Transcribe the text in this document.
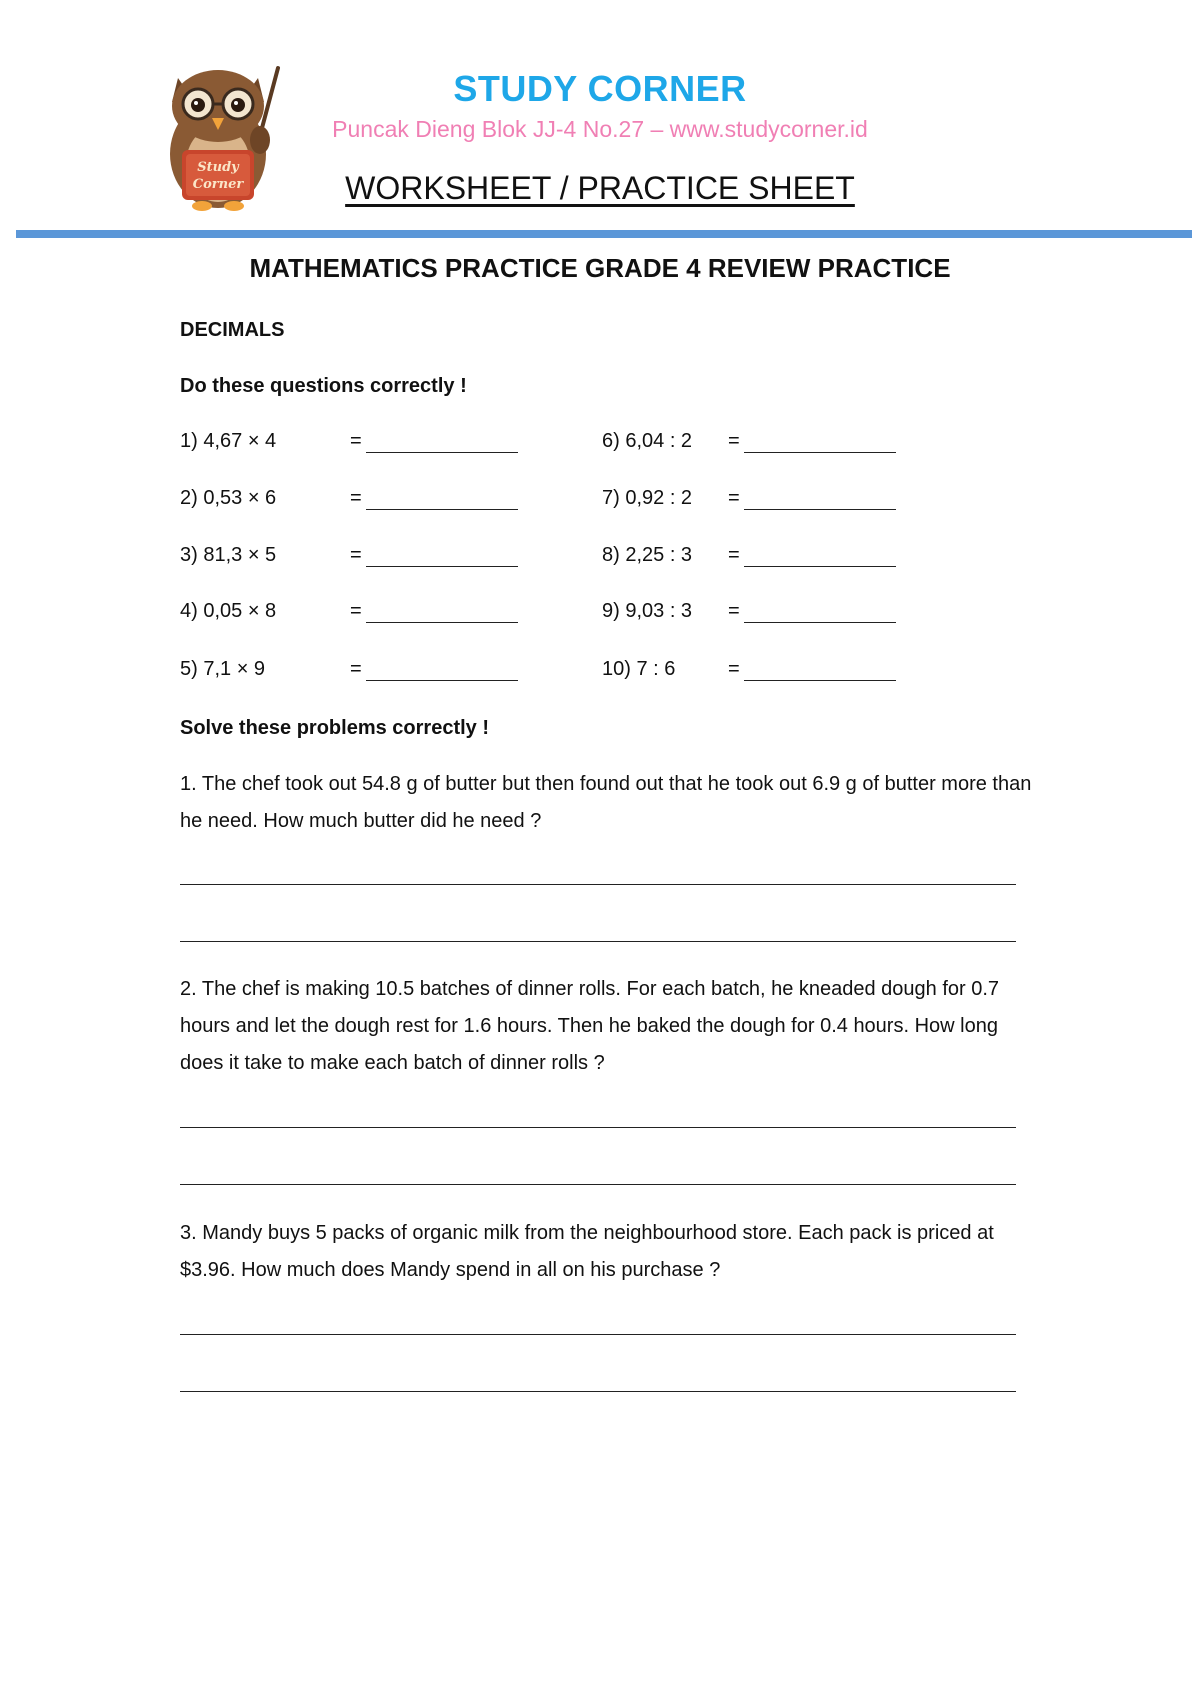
Study
Corner
STUDY CORNER
Puncak Dieng Blok JJ-4 No.27 – www.studycorner.id
WORKSHEET / PRACTICE SHEET
MATHEMATICS PRACTICE GRADE 4 REVIEW PRACTICE
DECIMALS
Do these questions correctly !
1) 4,67 × 4	=	6) 6,04 : 2 =
2) 0,53 × 6	=	7) 0,92 : 2 =
3) 81,3 × 5	=	8) 2,25 : 3 =
4) 0,05 × 8	=	9) 9,03 : 3 =
5) 7,1 × 9	=	10) 7 : 6	=
Solve these problems correctly !
1. The chef took out 54.8 g of butter but then found out that he took out 6.9 g of butter more than he need. How much butter did he need ?
2. The chef is making 10.5 batches of dinner rolls. For each batch, he kneaded dough for 0.7 hours and let the dough rest for 1.6 hours. Then he baked the dough for 0.4 hours. How long does it take to make each batch of dinner rolls ?
3. Mandy buys 5 packs of organic milk from the neighbourhood store. Each pack is priced at $3.96. How much does Mandy spend in all on his purchase ?
